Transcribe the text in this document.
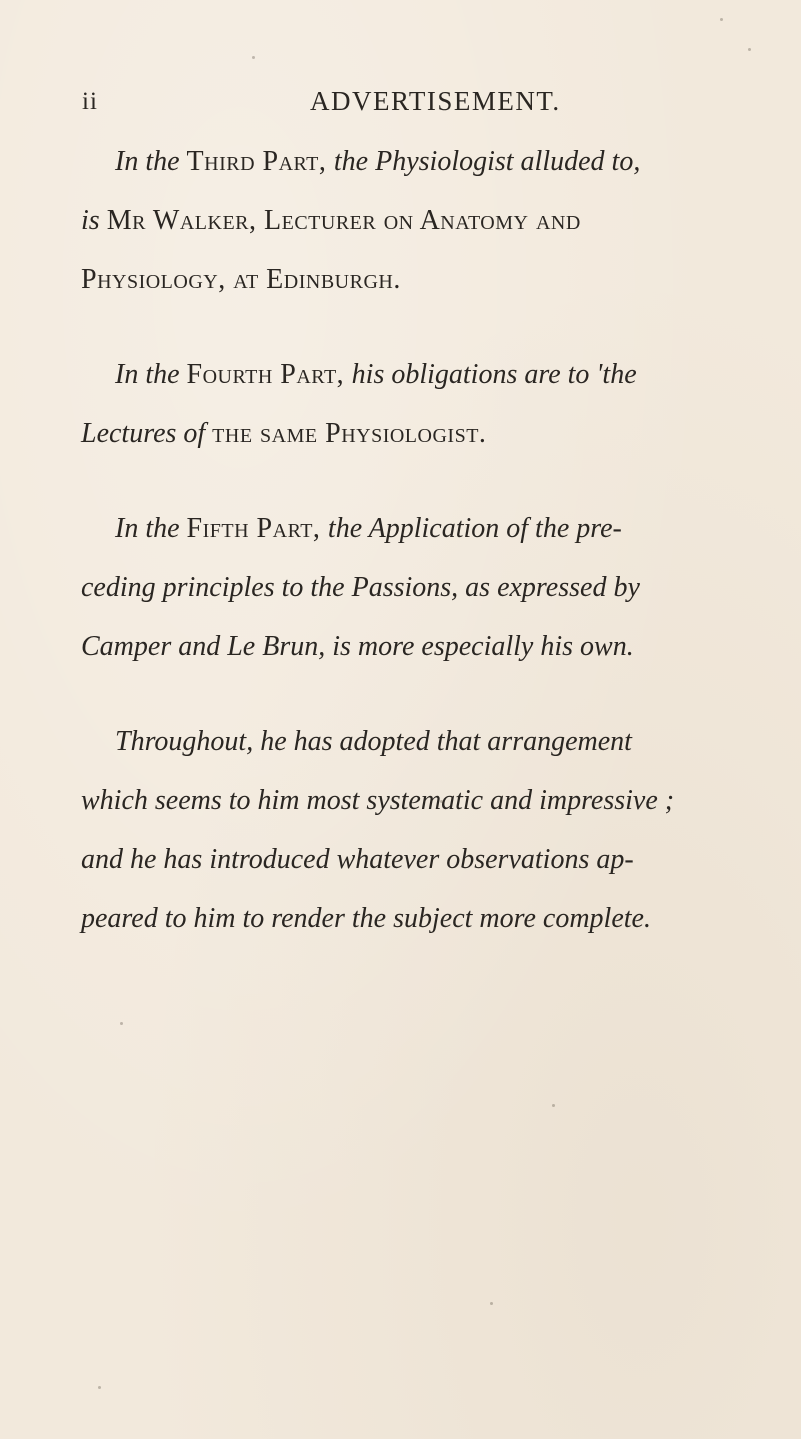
ii	ADVERTISEMENT.

In the Third Part, the Physiologist alluded to,
is Mr Walker, Lecturer on Anatomy and
Physiology, at Edinburgh.

In the Fourth Part, his obligations are to 'the
Lectures of the same Physiologist.

In the Fifth Part, the Application of the pre-
ceding principles to the Passions, as expressed by
Camper and Le Brun, is more especially his own.

Throughout, he has adopted that arrangement
which seems to him most systematic and impressive ;
and he has introduced whatever observations ap-
peared to him to render the subject more complete.
